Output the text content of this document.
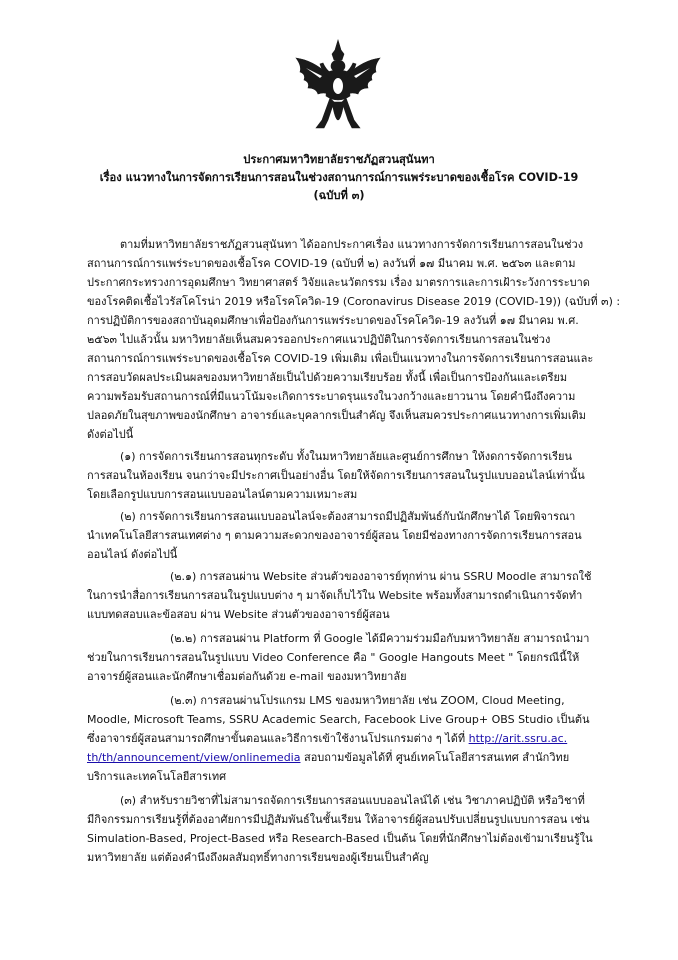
ประกาศมหาวิทยาลัยราชภัฏสวนสุนันทา
เรื่อง แนวทางในการจัดการเรียนการสอนในช่วงสถานการณ์การแพร่ระบาดของเชื้อโรค COVID-19
(ฉบับที่ ๓)
ตามที่มหาวิทยาลัยราชภัฏสวนสุนันทา ได้ออกประกาศเรื่อง แนวทางการจัดการเรียนการสอนในช่วง
สถานการณ์การแพร่ระบาดของเชื้อโรค COVID-19 (ฉบับที่ ๒) ลงวันที่ ๑๗ มีนาคม พ.ศ. ๒๕๖๓ และตาม
ประกาศกระทรวงการอุดมศึกษา วิทยาศาสตร์ วิจัยและนวัตกรรม เรื่อง มาตรการและการเฝ้าระวังการระบาด
ของโรคติดเชื้อไวรัสโคโรน่า 2019 หรือโรคโควิด-19 (Coronavirus Disease 2019 (COVID-19)) (ฉบับที่ ๓) :
การปฏิบัติการของสถาบันอุดมศึกษาเพื่อป้องกันการแพร่ระบาดของโรคโควิด-19 ลงวันที่ ๑๗ มีนาคม พ.ศ.
๒๕๖๓ ไปแล้วนั้น มหาวิทยาลัยเห็นสมควรออกประกาศแนวปฏิบัติในการจัดการเรียนการสอนในช่วง
สถานการณ์การแพร่ระบาดของเชื้อโรค COVID-19 เพิ่มเติม เพื่อเป็นแนวทางในการจัดการเรียนการสอนและ
การสอบวัดผลประเมินผลของมหาวิทยาลัยเป็นไปด้วยความเรียบร้อย ทั้งนี้ เพื่อเป็นการป้องกันและเตรียม
ความพร้อมรับสถานการณ์ที่มีแนวโน้มจะเกิดการระบาดรุนแรงในวงกว้างและยาวนาน โดยคำนึงถึงความ
ปลอดภัยในสุขภาพของนักศึกษา อาจารย์และบุคลากรเป็นสำคัญ จึงเห็นสมควรประกาศแนวทางการเพิ่มเติม
ดังต่อไปนี้
(๑) การจัดการเรียนการสอนทุกระดับ ทั้งในมหาวิทยาลัยและศูนย์การศึกษา ให้งดการจัดการเรียน
การสอนในห้องเรียน จนกว่าจะมีประกาศเป็นอย่างอื่น โดยให้จัดการเรียนการสอนในรูปแบบออนไลน์เท่านั้น
โดยเลือกรูปแบบการสอนแบบออนไลน์ตามความเหมาะสม
(๒) การจัดการเรียนการสอนแบบออนไลน์จะต้องสามารถมีปฏิสัมพันธ์กับนักศึกษาได้ โดยพิจารณา
นำเทคโนโลยีสารสนเทศต่าง ๆ ตามความสะดวกของอาจารย์ผู้สอน โดยมีช่องทางการจัดการเรียนการสอน
ออนไลน์ ดังต่อไปนี้
(๒.๑) การสอนผ่าน Website ส่วนตัวของอาจารย์ทุกท่าน ผ่าน SSRU Moodle สามารถใช้
ในการนำสื่อการเรียนการสอนในรูปแบบต่าง ๆ มาจัดเก็บไว้ใน Website พร้อมทั้งสามารถดำเนินการจัดทำ
แบบทดสอบและข้อสอบ ผ่าน Website ส่วนตัวของอาจารย์ผู้สอน
(๒.๒) การสอนผ่าน Platform ที่ Google ได้มีความร่วมมือกับมหาวิทยาลัย สามารถนำมา
ช่วยในการเรียนการสอนในรูปแบบ Video Conference คือ " Google Hangouts Meet " โดยกรณีนี้ให้
อาจารย์ผู้สอนและนักศึกษาเชื่อมต่อกันด้วย e-mail ของมหาวิทยาลัย
(๒.๓) การสอนผ่านโปรแกรม LMS ของมหาวิทยาลัย เช่น ZOOM, Cloud Meeting,
Moodle, Microsoft Teams, SSRU Academic Search, Facebook Live Group+ OBS Studio เป็นต้น
ซึ่งอาจารย์ผู้สอนสามารถศึกษาขั้นตอนและวิธีการเข้าใช้งานโปรแกรมต่าง ๆ ได้ที่ http://arit.ssru.ac.
th/th/announcement/view/onlinemedia สอบถามข้อมูลได้ที่ ศูนย์เทคโนโลยีสารสนเทศ สำนักวิทย
บริการและเทคโนโลยีสารเทศ
(๓) สำหรับรายวิชาที่ไม่สามารถจัดการเรียนการสอนแบบออนไลน์ได้ เช่น วิชาภาคปฏิบัติ หรือวิชาที่
มีกิจกรรมการเรียนรู้ที่ต้องอาศัยการมีปฏิสัมพันธ์ในชั้นเรียน ให้อาจารย์ผู้สอนปรับเปลี่ยนรูปแบบการสอน เช่น
Simulation-Based, Project-Based หรือ Research-Based เป็นต้น โดยที่นักศึกษาไม่ต้องเข้ามาเรียนรู้ใน
มหาวิทยาลัย แต่ต้องคำนึงถึงผลสัมฤทธิ์ทางการเรียนของผู้เรียนเป็นสำคัญ
